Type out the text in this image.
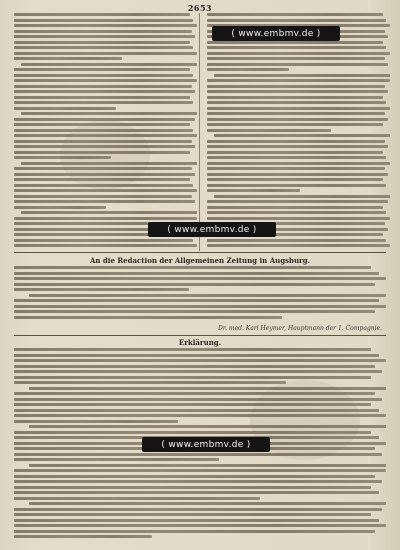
2653
An die Redaction der Allgemeinen Zeitung in Augsburg.
Dr. med. Karl Heymer, Hauptmann der 1. Compagnie.
Erklärung.
( www.embmv.de )
( www.embmv.de )
( www.embmv.de )
